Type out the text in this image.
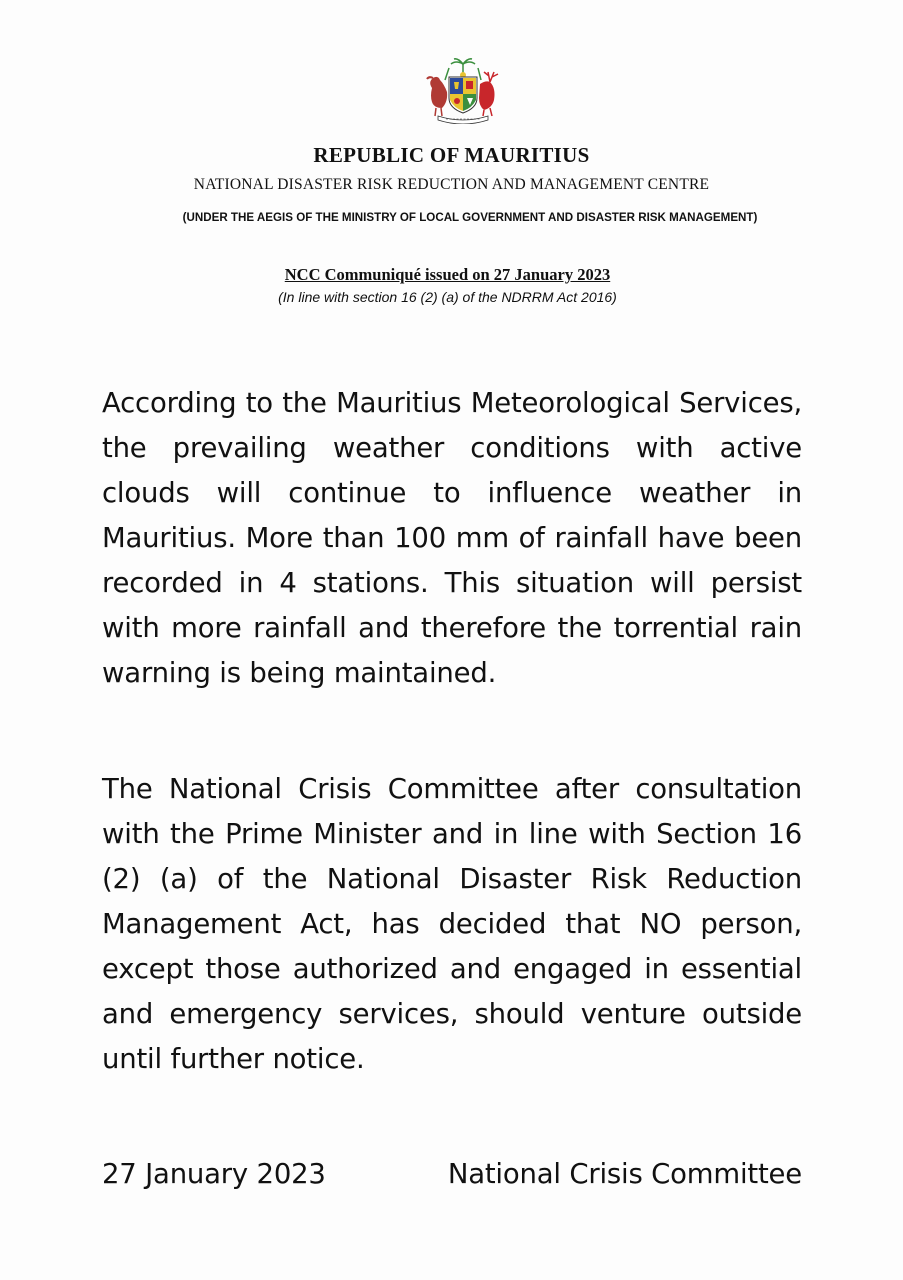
REPUBLIC OF MAURITIUS
NATIONAL DISASTER RISK REDUCTION AND MANAGEMENT CENTRE
(UNDER THE AEGIS OF THE MINISTRY OF LOCAL GOVERNMENT AND DISASTER RISK MANAGEMENT)
NCC Communiqué issued on 27 January 2023
(In line with section 16 (2) (a) of the NDRRM Act 2016)

According to the Mauritius Meteorological Services, the prevailing weather conditions with active clouds will continue to influence weather in Mauritius. More than 100 mm of rainfall have been recorded in 4 stations. This situation will persist with more rainfall and therefore the torrential rain warning is being maintained.

The National Crisis Committee after consultation with the Prime Minister and in line with Section 16 (2) (a) of the National Disaster Risk Reduction Management Act, has decided that NO person, except those authorized and engaged in essential and emergency services, should venture outside until further notice.

27 January 2023	National Crisis Committee
